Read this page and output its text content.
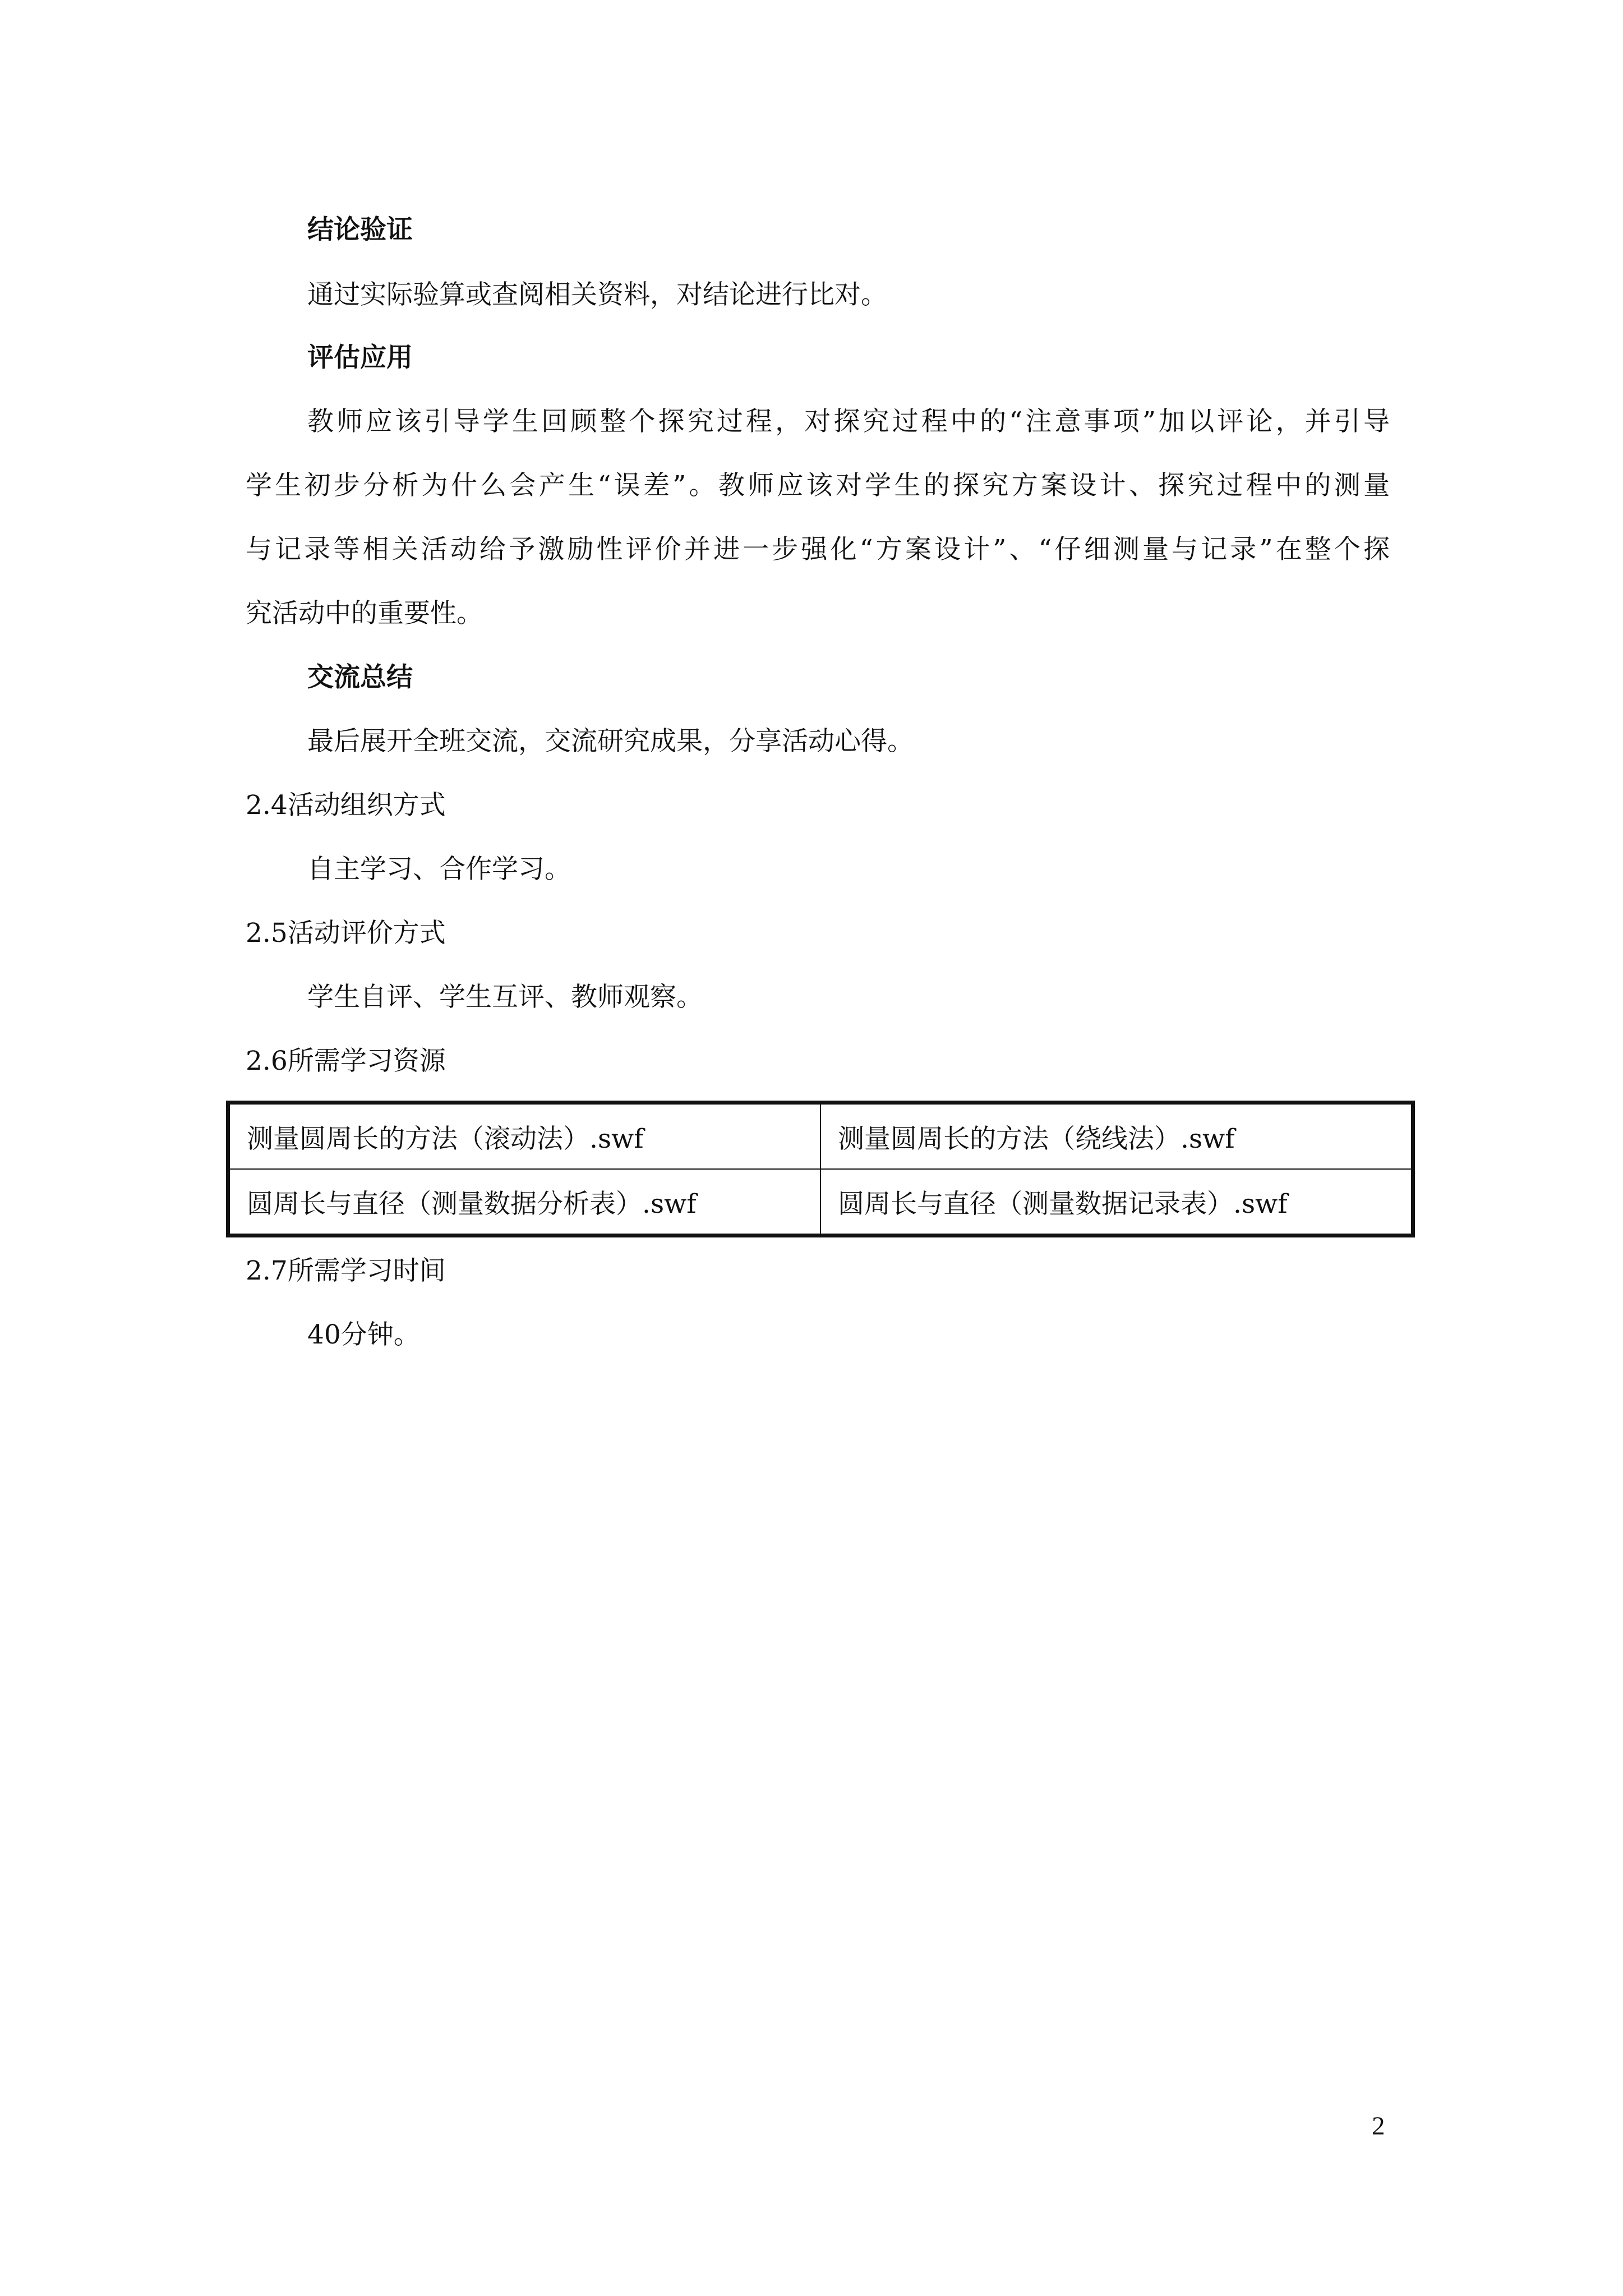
结论验证
通过实际验算或查阅相关资料，对结论进行比对。
评估应用
教师应该引导学生回顾整个探究过程，对探究过程中的“注意事项”加以评论，并引导
学生初步分析为什么会产生“误差”。教师应该对学生的探究方案设计、探究过程中的测量
与记录等相关活动给予激励性评价并进一步强化“方案设计”、“仔细测量与记录”在整个探
究活动中的重要性。
交流总结
最后展开全班交流，交流研究成果，分享活动心得。
2.4活动组织方式
自主学习、合作学习。
2.5活动评价方式
学生自评、学生互评、教师观察。
2.6所需学习资源
测量圆周长的方法（滚动法）.swf	测量圆周长的方法（绕线法）.swf
圆周长与直径（测量数据分析表）.swf	圆周长与直径（测量数据记录表）.swf
2.7所需学习时间
40分钟。
2
